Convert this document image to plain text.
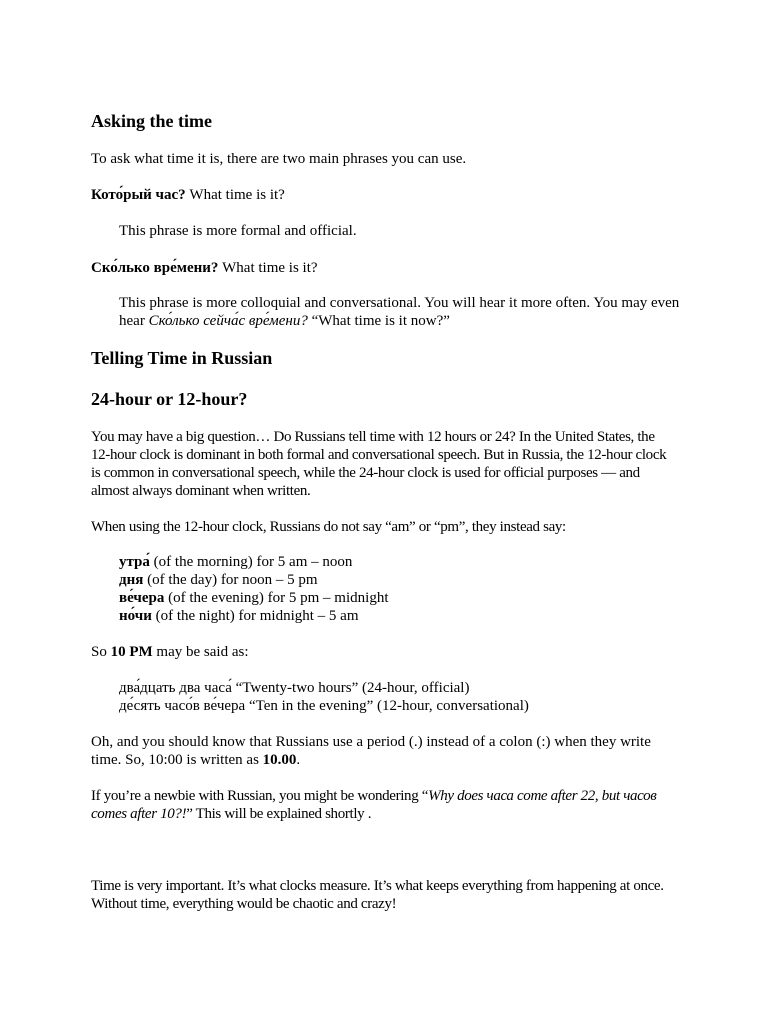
Asking the time

To ask what time it is, there are two main phrases you can use.

Кото́рый час? What time is it?

This phrase is more formal and official.

Ско́лько вре́мени? What time is it?

This phrase is more colloquial and conversational. You will hear it more often. You may even hear Ско́лько сейча́с вре́мени? “What time is it now?”

Telling Time in Russian
24-hour or 12-hour?

You may have a big question… Do Russians tell time with 12 hours or 24? In the United States, the 12-hour clock is dominant in both formal and conversational speech. But in Russia, the 12-hour clock is common in conversational speech, while the 24-hour clock is used for official purposes — and almost always dominant when written.

When using the 12-hour clock, Russians do not say “am” or “pm”, they instead say:

утра́ (of the morning) for 5 am – noon
дня (of the day) for noon – 5 pm
ве́чера (of the evening) for 5 pm – midnight
но́чи (of the night) for midnight – 5 am

So 10 PM may be said as:

два́дцать два часа́ “Twenty-two hours” (24-hour, official)
де́сять часо́в ве́чера “Ten in the evening” (12-hour, conversational)

Oh, and you should know that Russians use a period (.) instead of a colon (:) when they write time. So, 10:00 is written as 10.00.

If you’re a newbie with Russian, you might be wondering “Why does часа come after 22, but часов comes after 10?!” This will be explained shortly .

Time is very important. It’s what clocks measure. It’s what keeps everything from happening at once. Without time, everything would be chaotic and crazy!
